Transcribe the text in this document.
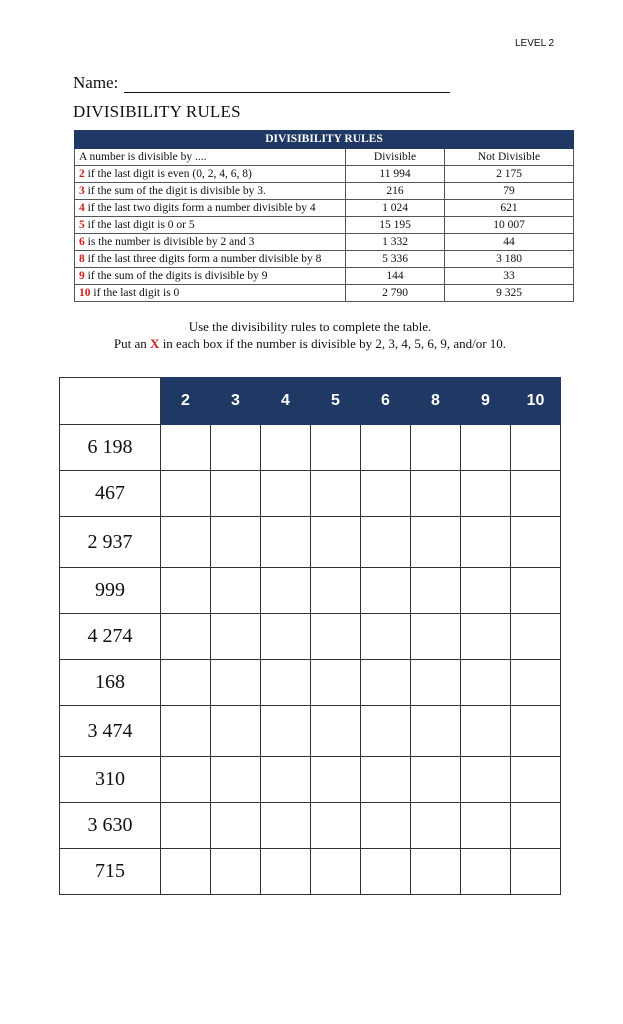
LEVEL 2
Name:
DIVISIBILITY RULES
DIVISIBILITY RULES		
A number is divisible by ....	Divisible	Not Divisible
2 if the last digit is even (0, 2, 4, 6, 8)	11 994	2 175
3 if the sum of the digit is divisible by 3.	216	79
4 if the last two digits form a number divisible by 4	1 024	621
5 if the last digit is 0 or 5	15 195	10 007
6 is the number is divisible by 2 and 3	1 332	44
8 if the last three digits form a number divisible by 8	5 336	3 180
9 if the sum of the digits is divisible by 9	144	33
10 if the last digit is 0	2 790	9 325
Use the divisibility rules to complete the table.
Put an X in each box if the number is divisible by 2, 3, 4, 5, 6, 9, and/or 10.
	2	3	4	5	6	8	9	10
6 198								
467								
2 937								
999								
4 274								
168								
3 474								
310								
3 630								
715								
